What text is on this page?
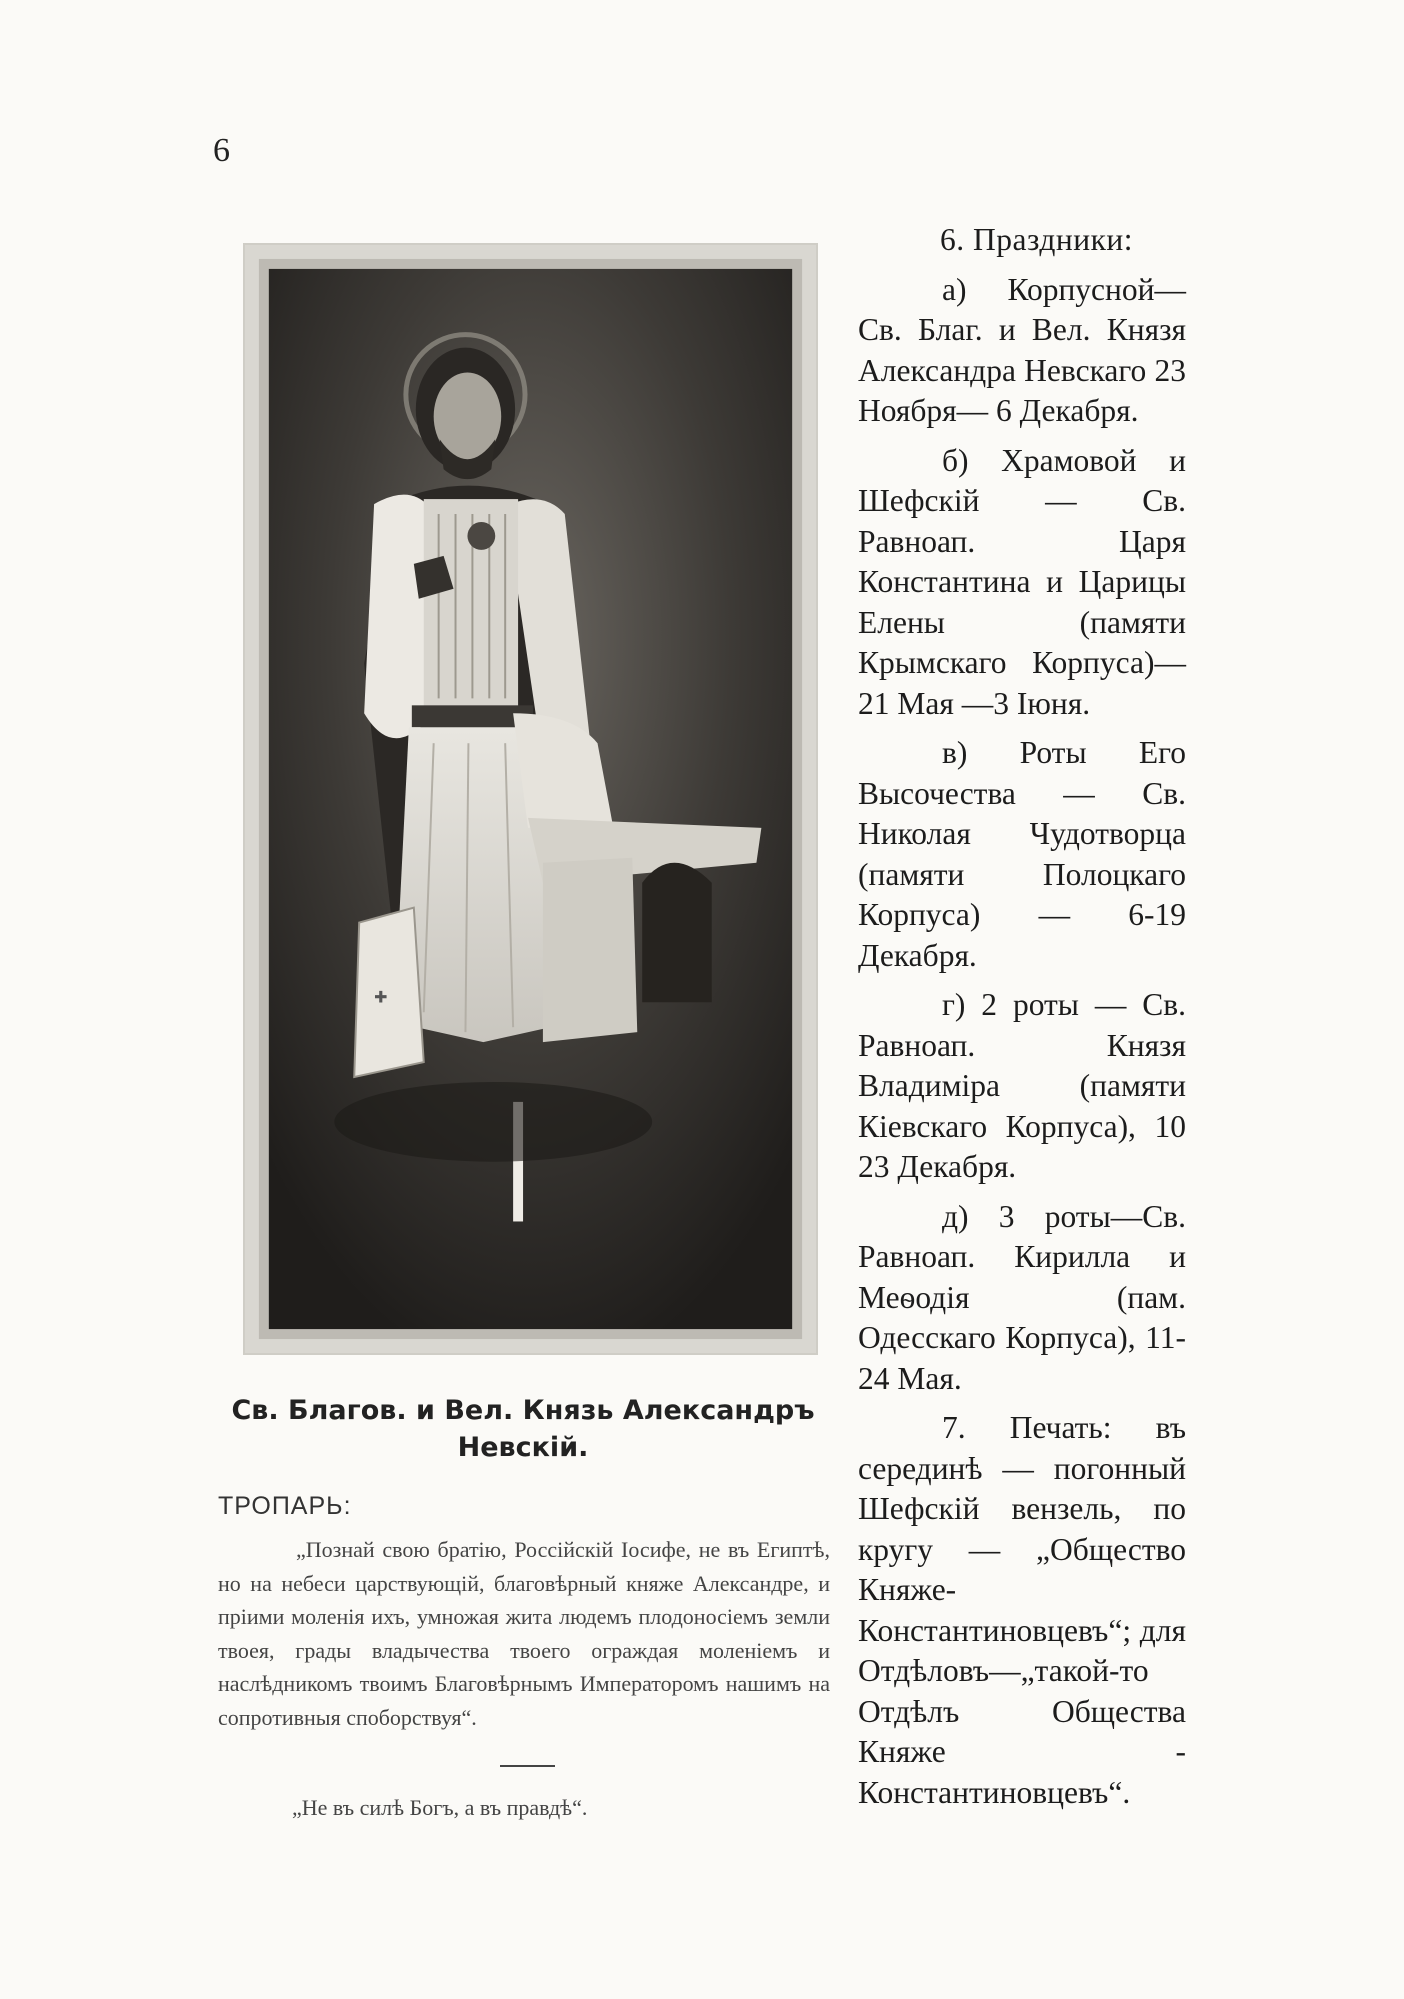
6
✚
Св. Благов. и Вел. Князь Александръ
Невскій.
ТРОПАРЬ:
„Познай свою братію, Россійскій Іосифе, не въ Египтѣ, но на небеси царствующій, благовѣрный княже Александре, и пріими моленія ихъ, умножая жита людемъ плодоносіемъ земли твоея, грады владычества твоего ограждая моленіемъ и наслѣдникомъ твоимъ Благовѣрнымъ Императоромъ нашимъ на сопротивныя споборствуя“.
„Не въ силѣ Богъ, а въ правдѣ“.

6. Праздники:

а) Корпусной— Св. Благ. и Вел. Князя Александра Невскаго 23 Ноября— 6 Декабря.

б) Храмовой и Шефскій — Св. Равноап. Царя Константина и Царицы Елены (памяти Крымскаго Корпуса)—21 Мая —3 Іюня.

в) Роты Его Высочества — Св. Николая Чудотворца (памяти Полоцкаго Корпуса) — 6-19 Декабря.

г) 2 роты — Св. Равноап. Князя Владиміра (памяти Кіевскаго Корпуса), 10 23 Декабря.

д) 3 роты—Св. Равноап. Кирилла и Меѳодія (пам. Одесскаго Корпуса), 11-24 Мая.

7. Печать: въ серединѣ — погонный Шефскій вензель, по кругу — „Общество Княже-Константиновцевъ“; для Отдѣловъ—„такой-то Отдѣлъ Общества Княже - Константиновцевъ“.
